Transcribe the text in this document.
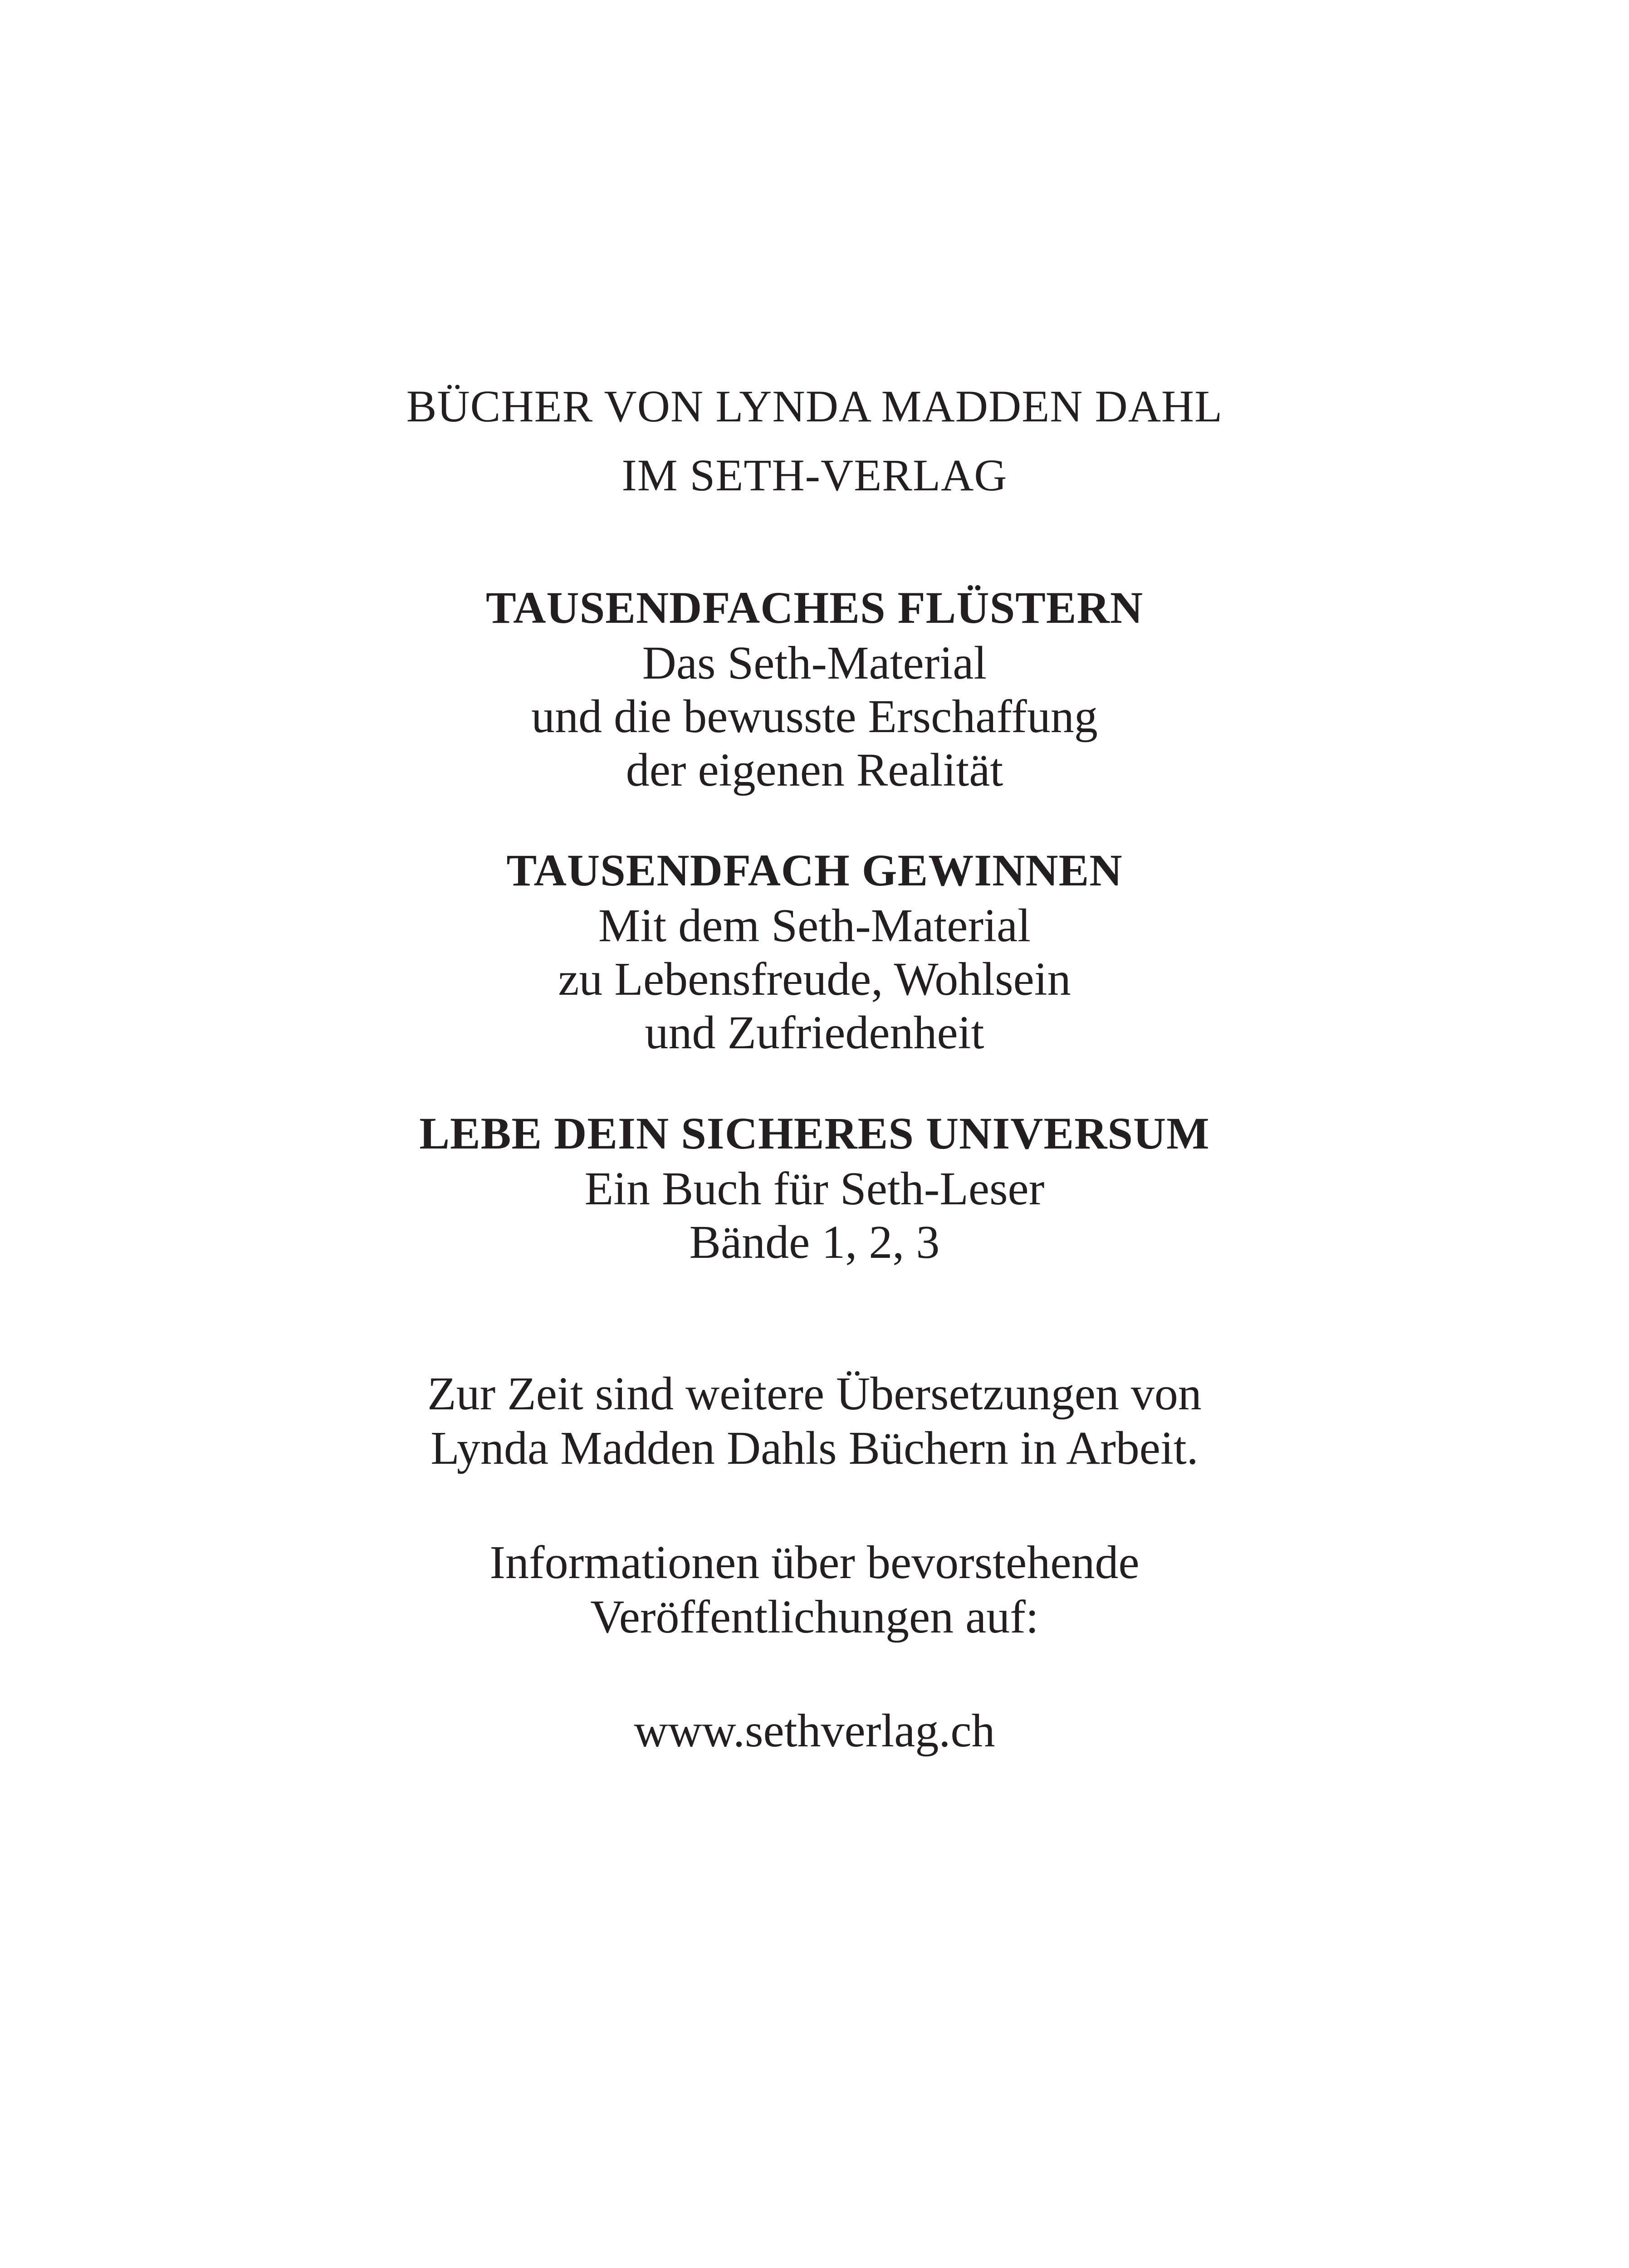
BÜCHER VON LYNDA MADDEN DAHL
IM SETH-VERLAG
TAUSENDFACHES FLÜSTERN
Das Seth-Material
und die bewusste Erschaffung
der eigenen Realität
TAUSENDFACH GEWINNEN
Mit dem Seth-Material
zu Lebensfreude, Wohlsein
und Zufriedenheit
LEBE DEIN SICHERES UNIVERSUM
Ein Buch für Seth-Leser
Bände 1, 2, 3
Zur Zeit sind weitere Übersetzungen von
Lynda Madden Dahls Büchern in Arbeit.
Informationen über bevorstehende
Veröffentlichungen auf:
www.sethverlag.ch
